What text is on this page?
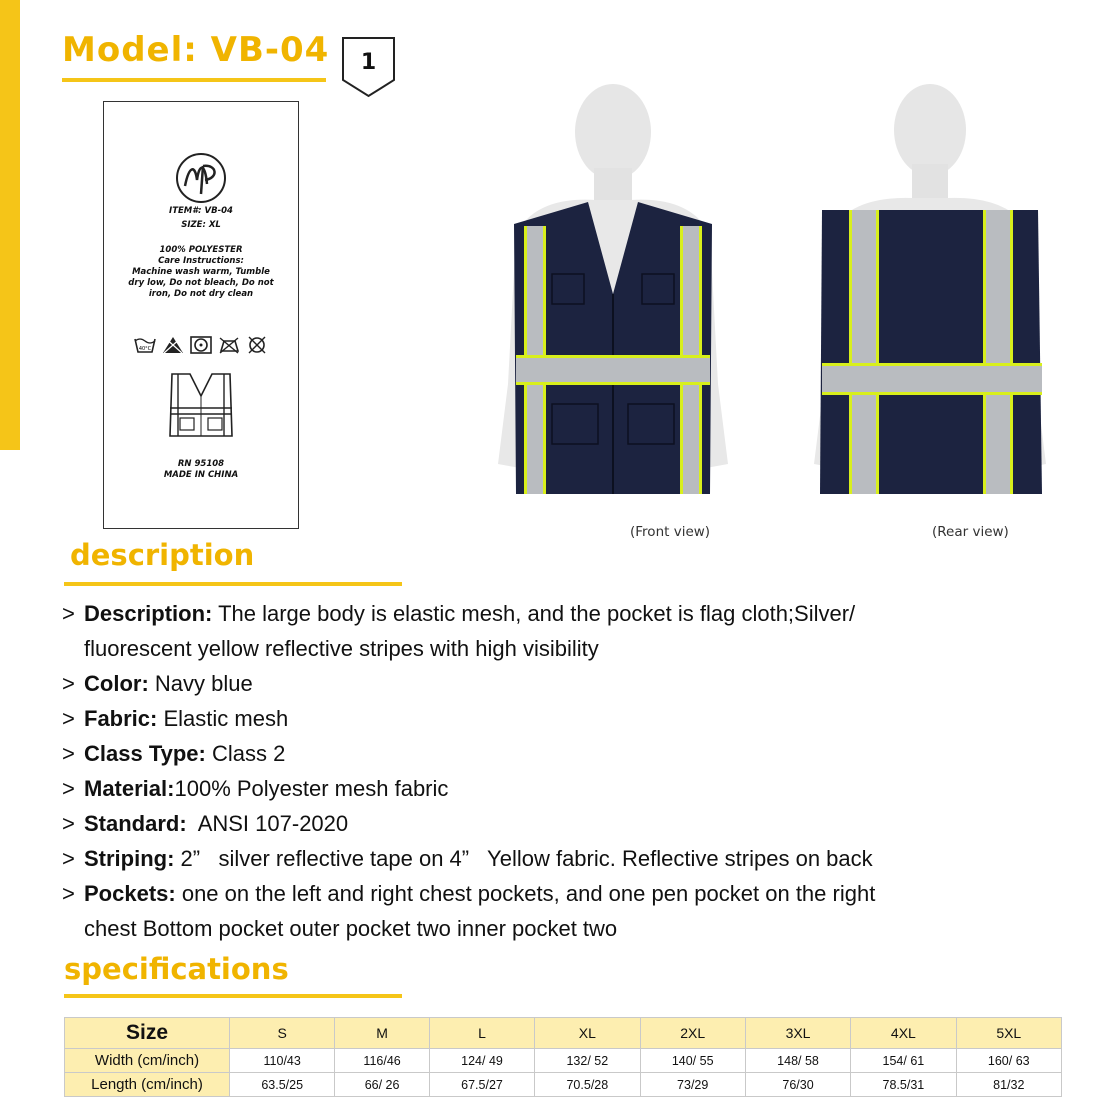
Model: VB-04	1
ITEM#: VB-04
SIZE: XL
100% POLYESTER
Care Instructions:
Machine wash warm, Tumble
dry low, Do not bleach, Do not
iron, Do not dry clean
40°C
RN 95108
MADE IN CHINA
(Front view)	(Rear view)
description
> Description: The large body is elastic mesh, and the pocket is flag cloth;Silver/
fluorescent yellow reflective stripes with high visibility
> Color: Navy blue
> Fabric: Elastic mesh
> Class Type: Class 2
> Material:100% Polyester mesh fabric
> Standard:  ANSI 107-2020
> Striping: 2”   silver reflective tape on 4”   Yellow fabric. Reflective stripes on back
> Pockets: one on the left and right chest pockets, and one pen pocket on the right
chest Bottom pocket outer pocket two inner pocket two
specifications
Size	S	M	L	XL	2XL	3XL	4XL	5XL
Width (cm/inch)	110/43	116/46	124/ 49	132/ 52	140/ 55	148/ 58	154/ 61	160/ 63
Length (cm/inch)	63.5/25	66/ 26	67.5/27	70.5/28	73/29	76/30	78.5/31	81/32
